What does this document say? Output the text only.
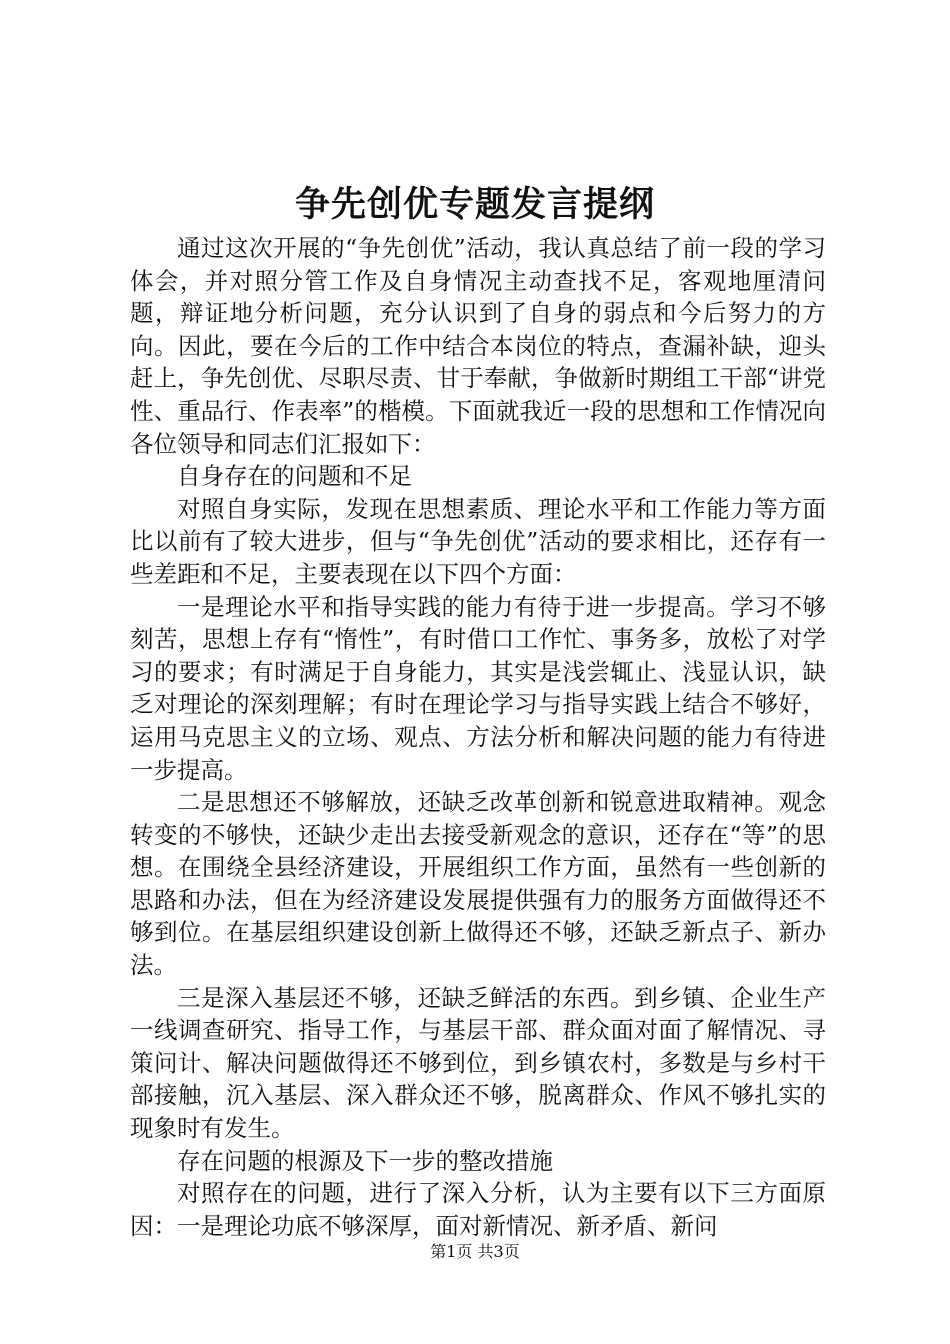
争先创优专题发言提纲

通过这次开展的“争先创优”活动，我认真总结了前一段的学习体会，并对照分管工作及自身情况主动查找不足，客观地厘清问题，辩证地分析问题，充分认识到了自身的弱点和今后努力的方向。因此，要在今后的工作中结合本岗位的特点，查漏补缺，迎头赶上，争先创优、尽职尽责、甘于奉献，争做新时期组工干部“讲党性、重品行、作表率”的楷模。下面就我近一段的思想和工作情况向各位领导和同志们汇报如下：

自身存在的问题和不足

对照自身实际，发现在思想素质、理论水平和工作能力等方面比以前有了较大进步，但与“争先创优”活动的要求相比，还存有一些差距和不足，主要表现在以下四个方面：

一是理论水平和指导实践的能力有待于进一步提高。学习不够刻苦，思想上存有“惰性”，有时借口工作忙、事务多，放松了对学习的要求；有时满足于自身能力，其实是浅尝辄止、浅显认识，缺乏对理论的深刻理解；有时在理论学习与指导实践上结合不够好，运用马克思主义的立场、观点、方法分析和解决问题的能力有待进一步提高。

二是思想还不够解放，还缺乏改革创新和锐意进取精神。观念转变的不够快，还缺少走出去接受新观念的意识，还存在“等”的思想。在围绕全县经济建设，开展组织工作方面，虽然有一些创新的思路和办法，但在为经济建设发展提供强有力的服务方面做得还不够到位。在基层组织建设创新上做得还不够，还缺乏新点子、新办法。

三是深入基层还不够，还缺乏鲜活的东西。到乡镇、企业生产一线调查研究、指导工作，与基层干部、群众面对面了解情况、寻策问计、解决问题做得还不够到位，到乡镇农村，多数是与乡村干部接触，沉入基层、深入群众还不够，脱离群众、作风不够扎实的现象时有发生。

存在问题的根源及下一步的整改措施

对照存在的问题，进行了深入分析，认为主要有以下三方面原因：一是理论功底不够深厚，面对新情况、新矛盾、新问

第1页 共3页
